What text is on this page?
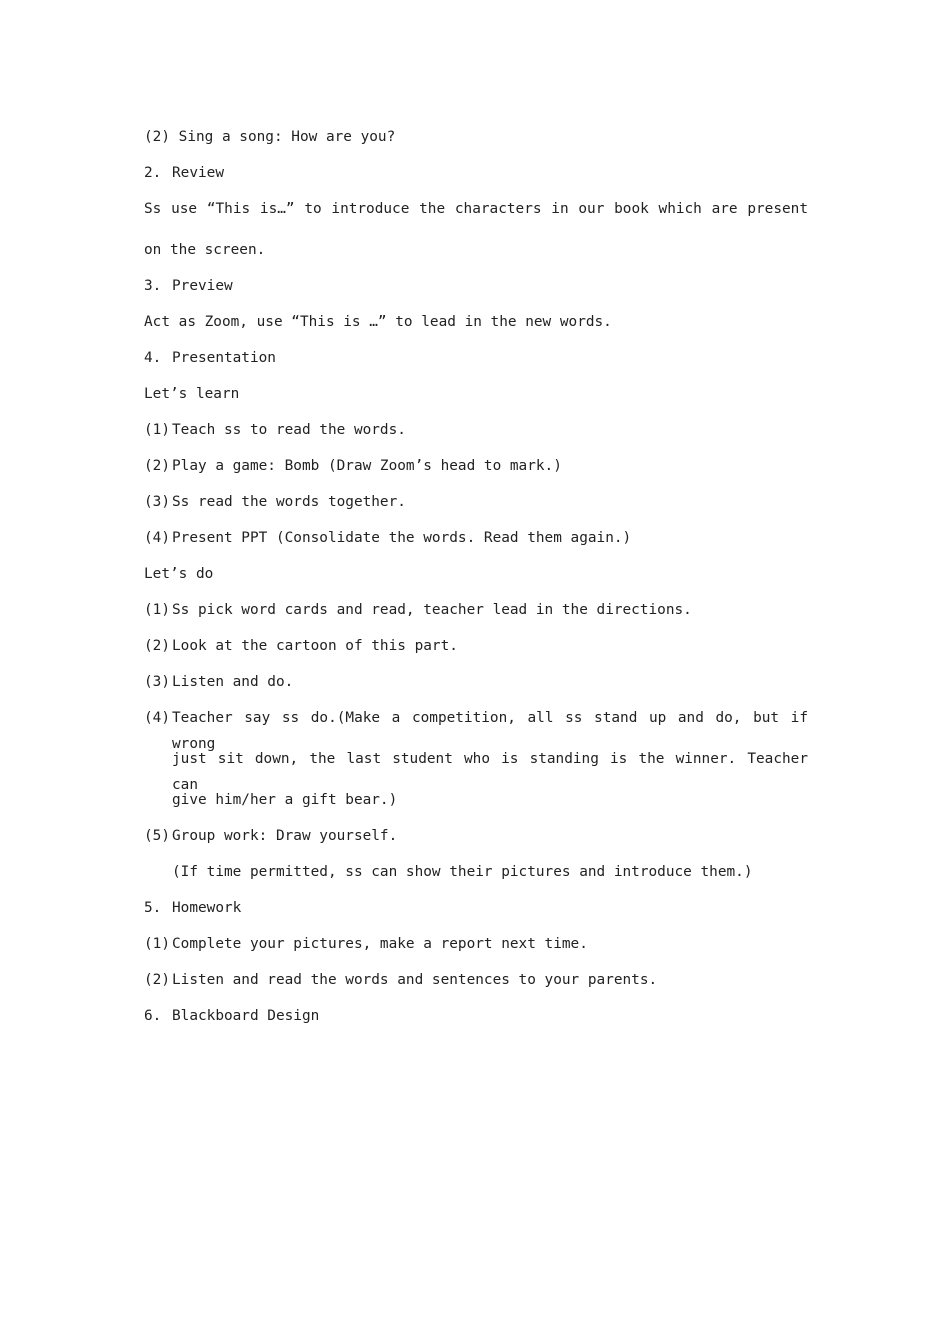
(2) Sing a song: How are you?
2. Review
Ss use “This is…” to introduce the characters in our book which are present
on the screen.
3. Preview
Act as Zoom, use “This is …” to lead in the new words.
4. Presentation
Let’s learn
(1) Teach ss to read the words.
(2) Play a game: Bomb (Draw Zoom’s head to mark.)
(3) Ss read the words together.
(4) Present PPT (Consolidate the words. Read them again.)
Let’s do
(1) Ss pick word cards and read, teacher lead in the directions.
(2) Look at the cartoon of this part.
(3) Listen and do.
(4) Teacher say ss do.(Make a competition, all ss stand up and do, but if wrong
just sit down, the last student who is standing is the winner. Teacher can
give him/her a gift bear.)
(5) Group work: Draw yourself.
(If time permitted, ss can show their pictures and introduce them.)
5. Homework
(1) Complete your pictures, make a report next time.
(2) Listen and read the words and sentences to your parents.
6. Blackboard Design
